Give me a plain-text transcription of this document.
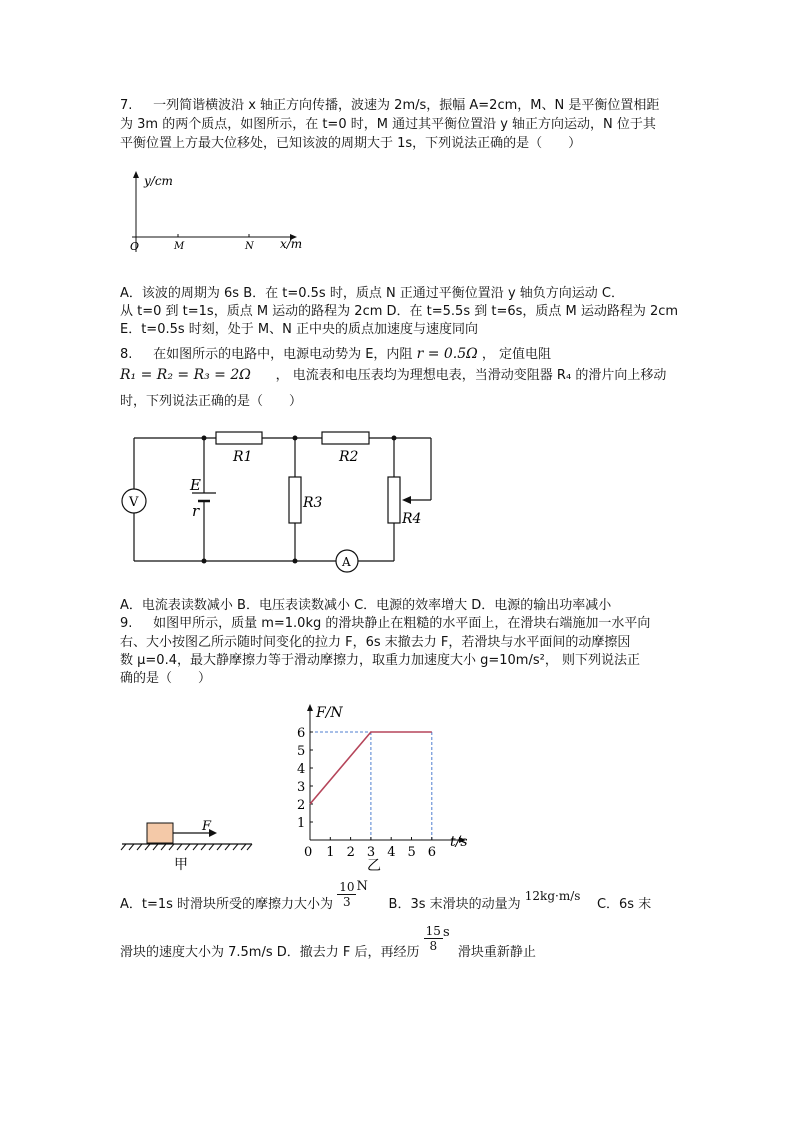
7. 一列简谐横波沿 x 轴正方向传播，波速为 2m/s，振幅 A=2cm，M、N 是平衡位置相距
为 3m 的两个质点，如图所示，在 t=0 时，M 通过其平衡位置沿 y 轴正方向运动，N 位于其
平衡位置上方最大位移处，已知该波的周期大于 1s，下列说法正确的是（　　）
y/cm
O	M	N x/m
A．该波的周期为 6s B．在 t=0.5s 时，质点 N 正通过平衡位置沿 y 轴负方向运动 C．
从 t=0 到 t=1s，质点 M 运动的路程为 2cm D．在 t=5.5s 到 t=6s，质点 M 运动路程为 2cm
E．t=0.5s 时刻，处于 M、N 正中央的质点加速度与速度同向
8. 在如图所示的电路中，电源电动势为 E，内阻 r = 0.5Ω ， 定值电阻
R₁ = R₂ = R₃ = 2Ω ， 电流表和电压表均为理想电表，当滑动变阻器 R₄ 的滑片向上移动
时，下列说法正确的是（　　）
V
A
E
r
R1	R2
R3
R4
A．电流表读数减小 B．电压表读数减小 C．电源的效率增大 D．电源的输出功率减小
9. 如图甲所示，质量 m=1.0kg 的滑块静止在粗糙的水平面上，在滑块右端施加一水平向
右、大小按图乙所示随时间变化的拉力 F，6s 末撤去力 F，若滑块与水平面间的动摩擦因
数 μ=0.4，最大静摩擦力等于滑动摩擦力，取重力加速度大小 g=10m/s²， 则下列说法正
确的是（　　）
F
甲
1 2 3 4 5 6
1
2
3
4
5
6
F/N
t/s
0
乙
A．t=1s 时滑块所受的摩擦力大小为 $\frac{10}{3}$ N     B．3s 末滑块的动量为 12kg·m/s    C．6s 末
滑块的速度大小为 7.5m/s D．撤去力 F 后，再经历 $\frac{15}{8}$ s  滑块重新静止
